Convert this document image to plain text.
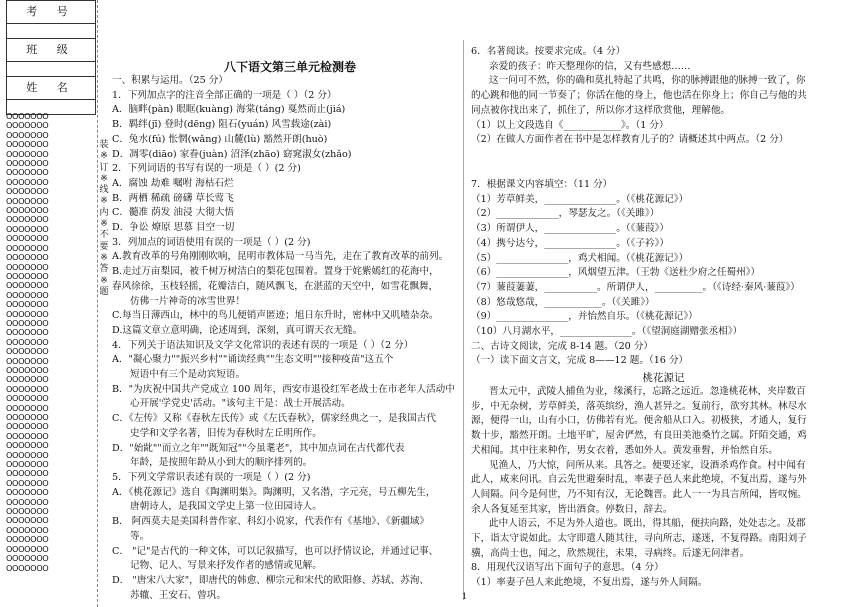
考 号
班 级
姓 名
OOOOOOO
OOOOOOO
OOOOOOO
OOOOOOO
OOOOOOO
OOOOOOO
OOOOOOO
OOOOOOO
OOOOOOO
OOOOOOO
OOOOOOO
OOOOOOO
OOOOOOO
OOOOOOO
OOOOOOO
OOOOOOO
OOOOOOO
OOOOOOO
OOOOOOO
OOOOOOO
OOOOOOO
OOOOOOO
OOOOOOO
OOOOOOO
OOOOOOO
OOOOOOO
OOOOOOO
OOOOOOO
OOOOOOO
OOOOOOO
OOOOOOO
OOOOOOO
OOOOOOO
OOOOOOO
OOOOOOO
OOOOOOO
OOOOOOO
OOOOOOO
OOOOOOO
OOOOOOO
OOOOOOO
OOOOOOO
OOOOOOO
OOOOOOO
OOOOOOO
OOOOOOO
OOOOOOO
OOOOOOO
OOOOOOO
装
※
订
※
线
※
内
※
不
要
※
答
※
题
八下语文第三单元检测卷
一、积累与运用。（25 分）
1．下列加点字的注音全部正确的一项是（ ）（2 分）
A．脑畔(pàn) 眼眶(kuàng) 海棠(táng) 戛然而止(jiá)
B．羁绊(jī) 登时(dēng) 阻石(yuán) 风雪载途(zài)
C．兔水(fú) 怅惘(wǎng) 山麓(lù) 豁然开朗(huò)
D．凋零(diāo) 家眷(juàn) 沼泽(zhāo) 窈窕淑女(zhǎo)
2．下列词语的书写有误的一项是（ ）(2 分)
A．腐蚀 劫难 嘱咐 海枯石烂
B．两栖 稀疏 磅礴 草长莺飞
C．髓准 荫发 油浸 大彻大悟
D．争讼 燎原 思慕 目空一切
3．列加点的词语使用有误的一项是（ ）(2 分)
A.教育改革的号角刚刚吹响，昆明市教体局一马当先，走在了教育改革的前列。
B.走过万亩梨园，被千树万树洁白的梨花包围着。置身于姹紫嫣红的花海中，
春风徐徐，玉枝轻摇，花瓣洁白，随风飘飞，在湛蓝的天空中，如雪花飘舞，
仿佛一片神奇的冰雪世界！
C.每当日薄西山，林中的鸟儿便销声匿迹；旭日东升时，密林中又叽喳杂杂。
D.这篇文章立意明确，论述周到，深刻，真可谓天衣无缝。
4．下列关于语法知识及文学文化常识的表述有误的一项是（ ）（2 分）
A．"凝心聚力""振兴乡村""诵读经典""生态文明""接种疫苗"这五个
短语中有三个是动宾短语。
B．"为庆祝中国共产党成立 100 周年，西安市退役红军老战士在市老年人活动中
心开展'学党史'活动。"该句主干是：战士开展活动。
C．《左传》又称《春秋左氏传》或《左氏春秋》，儒家经典之一，是我国古代
史学和文学名著，旧传为春秋时左丘明所作。
D．"始龀""而立之年""既知冠""今虽耄老"，其中加点词在古代都代表
年龄，是按照年龄从小到大的顺序排列的。
5．下列文学常识表述有误的一项是（ ）(2 分)
A．《桃花源记》选自《陶渊明集》。陶渊明，又名潜，字元亮，号五柳先生，
唐朝诗人，是我国文学史上第一位田园诗人。
B． 阿西莫夫是美国科普作家、科幻小说家，代表作有《基地》、《新疆域》
等。
C． "记"是古代的一种文体，可以记叙描写，也可以抒情议论，并通过记事、
记物、记人、写景来抒发作者的感情或见解。
D． "唐宋八大家"，即唐代的韩愈、柳宗元和宋代的欧阳修、苏轼、苏洵、
苏辙、王安石、曾巩。
6．名著阅读。按要求完成。（4 分）
亲爱的孩子：昨天整理你的信，又有些感想……
这一问可不然，你的确和莫扎特起了共鸣，你的脉搏跟他的脉搏一致了，你
的心跳和他的同一节奏了；你活在他的身上，他也活在你身上；你自己与他的共
同点被你找出来了，抓住了，所以你才这样欣赏他，理解他。
（1）以上文段选自《____________》。（1 分）
（2）在做人方面作者在书中是怎样教育儿子的？请概述其中两点。（2 分）
7．根据课文内容填空：（11 分）
（1）芳草鲜美，_______________。（《桃花源记》）
（2）_____________，琴瑟友之。（《关雎》）
（3）所谓伊人，_______________。（《蒹葭》）
（4）携兮达兮，_______________。（《子衿》）
（5）_______________，鸡犬相闻。（《桃花源记》）
（6）_______________，风烟望五津。（王勃《送杜少府之任蜀州》）
（7）蒹葭萋萋，___________。所谓伊人，__________。（《诗经·秦风·蒹葭》）
（8）悠哉悠哉，____________。（《关雎》）
（9）_______________，并怡然自乐。（《桃花源记》）
（10）八月湖水平，_______________。（《望洞庭湖赠张丞相》）
二、古诗文阅读，完成 8-14 题。（20 分）
（一）读下面文言文，完成 8——12 题。（16 分）
桃花源记
晋太元中，武陵人捕鱼为业，缘溪行，忘路之远近。忽逢桃花林，夹岸数百
步，中无杂树，芳草鲜美，落英缤纷，渔人甚异之。复前行，欲穷其林。林尽水
源，便得一山，山有小口，仿佛若有光。便舍船从口入。初极狭，才通人，复行
数十步，豁然开朗。土地平旷，屋舍俨然，有良田美池桑竹之属。阡陌交通，鸡
犬相闻。其中往来种作，男女衣着，悉如外人。黄发垂髫，并怡然自乐。
见渔人，乃大惊，问所从来。具答之。便要还家，设酒杀鸡作食。村中闻有
此人，咸来问讯。自云先世避秦时乱，率妻子邑人来此绝境，不复出焉，遂与外
人间隔。问今是何世，乃不知有汉，无论魏晋。此人一一为具言所闻，皆叹惋。
余人各复延至其家，皆出酒食。停数日，辞去。
此中人语云，不足为外人道也。既出，得其船，便扶向路，处处志之。及郡
下，诣太守说如此。太守即遣人随其往，寻向所志，遂迷，不复得路。南阳刘子
骥，高尚士也，闻之，欣然规往，未果，寻病终。后遂无问津者。
8．用现代汉语写出下面句子的意思。（4 分）
（1）率妻子邑人来此绝境，不复出焉，遂与外人间隔。
1
